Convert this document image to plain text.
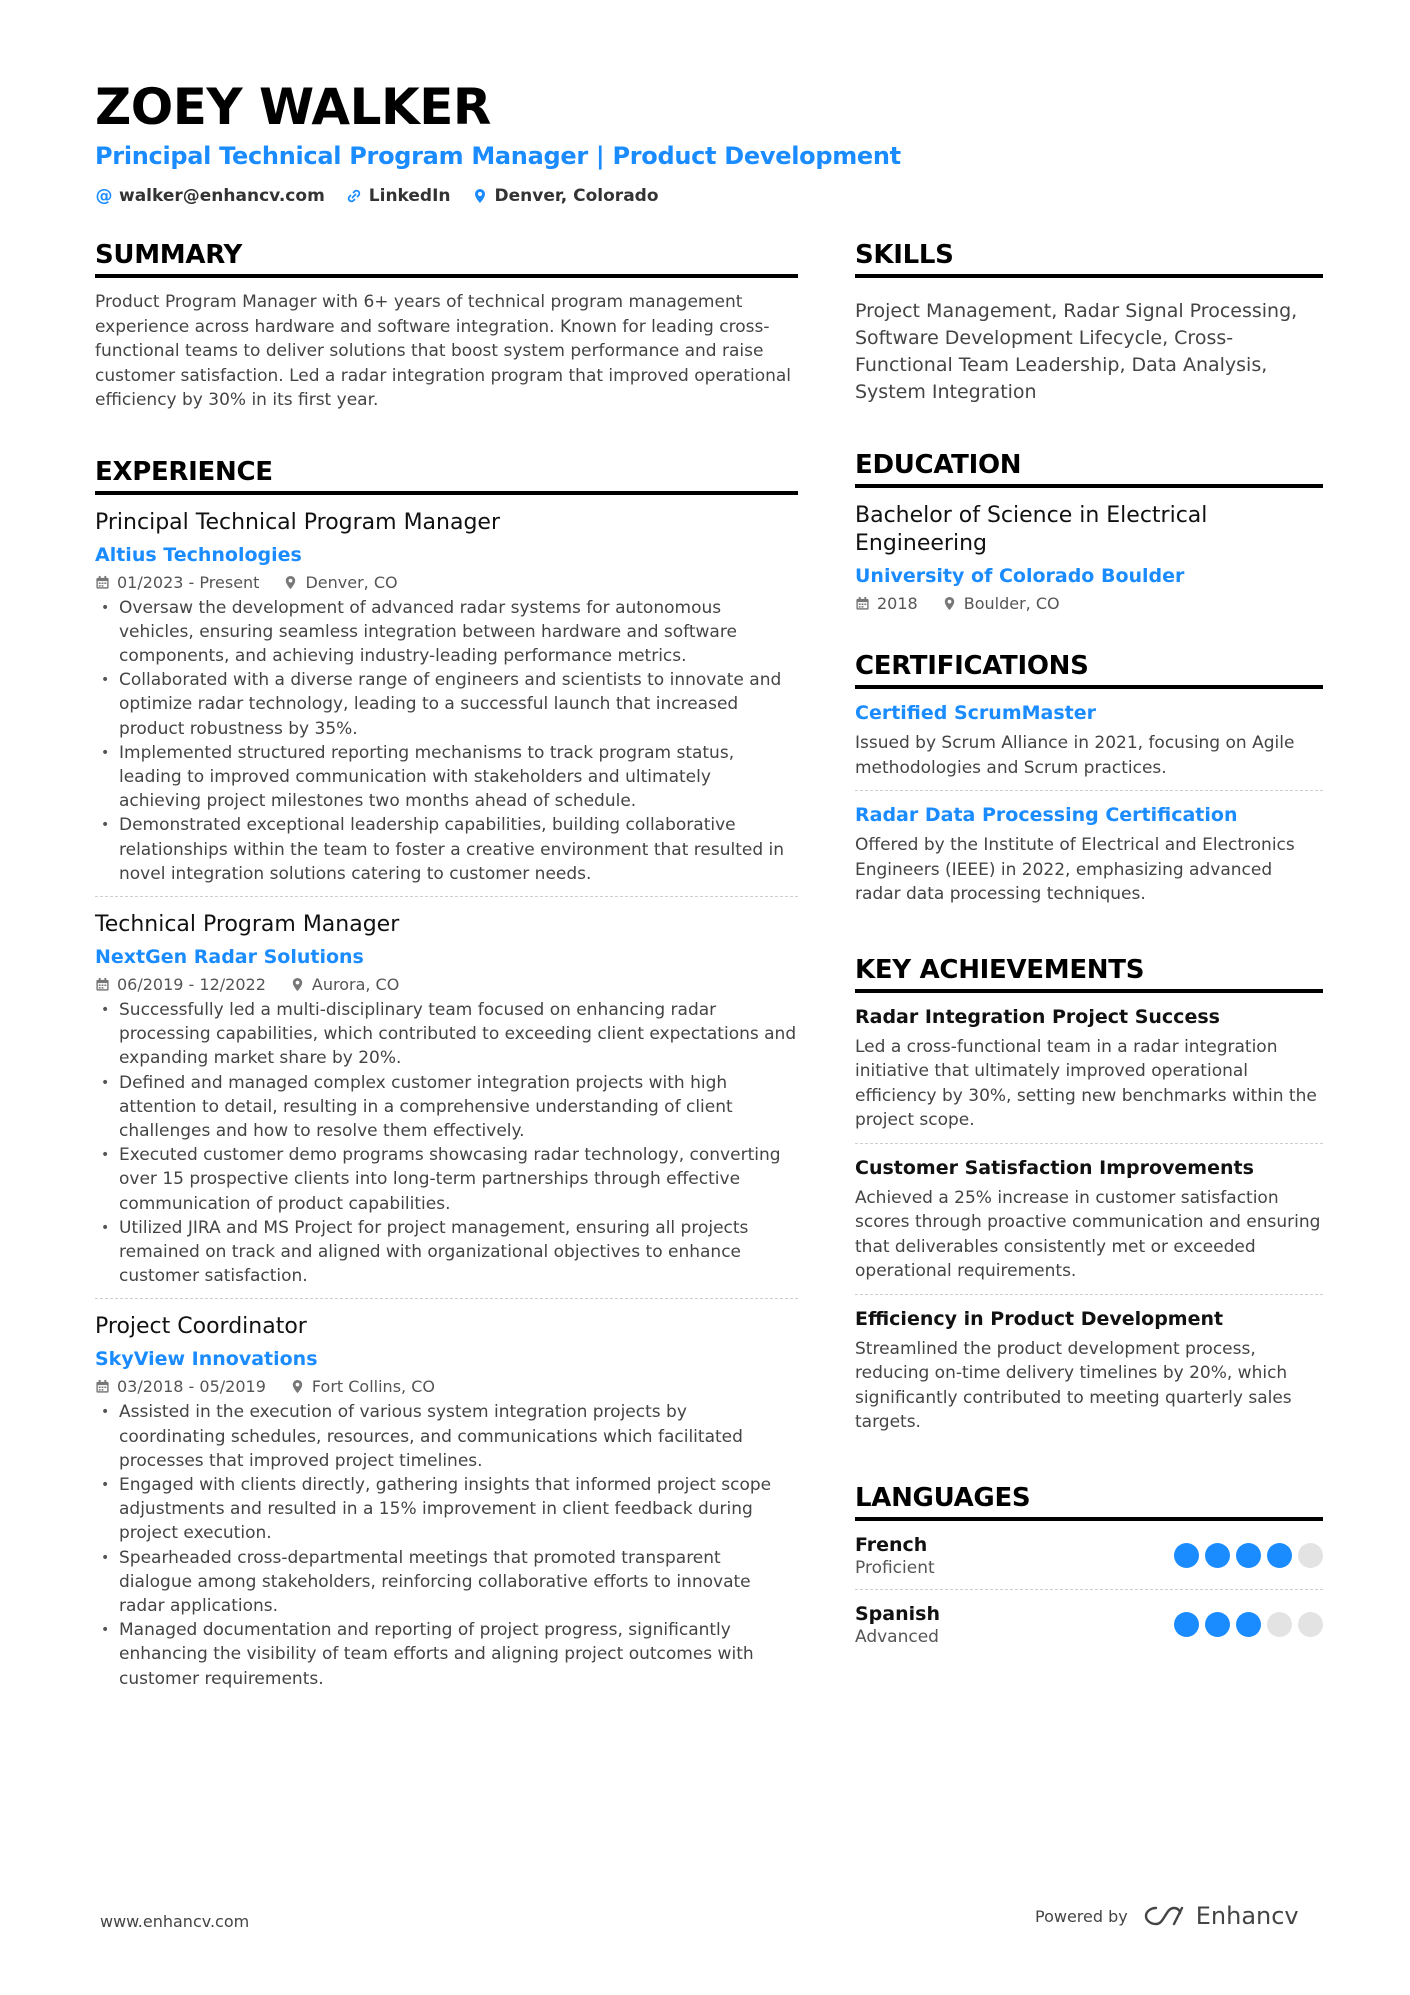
ZOEY WALKER
Principal Technical Program Manager | Product Development
@ walker@enhancv.com	LinkedIn	Denver, Colorado
SUMMARY
Product Program Manager with 6+ years of technical program management experience across hardware and software integration. Known for leading cross-functional teams to deliver solutions that boost system performance and raise customer satisfaction. Led a radar integration program that improved operational efficiency by 30% in its first year.
EXPERIENCE
Principal Technical Program Manager
Altius Technologies
01/2023 - Present	Denver, CO
• Oversaw the development of advanced radar systems for autonomous vehicles, ensuring seamless integration between hardware and software components, and achieving industry-leading performance metrics.
• Collaborated with a diverse range of engineers and scientists to innovate and optimize radar technology, leading to a successful launch that increased product robustness by 35%.
• Implemented structured reporting mechanisms to track program status, leading to improved communication with stakeholders and ultimately achieving project milestones two months ahead of schedule.
• Demonstrated exceptional leadership capabilities, building collaborative relationships within the team to foster a creative environment that resulted in novel integration solutions catering to customer needs.
Technical Program Manager
NextGen Radar Solutions
06/2019 - 12/2022	Aurora, CO
• Successfully led a multi-disciplinary team focused on enhancing radar processing capabilities, which contributed to exceeding client expectations and expanding market share by 20%.
• Defined and managed complex customer integration projects with high attention to detail, resulting in a comprehensive understanding of client challenges and how to resolve them effectively.
• Executed customer demo programs showcasing radar technology, converting over 15 prospective clients into long-term partnerships through effective communication of product capabilities.
• Utilized JIRA and MS Project for project management, ensuring all projects remained on track and aligned with organizational objectives to enhance customer satisfaction.
Project Coordinator
SkyView Innovations
03/2018 - 05/2019	Fort Collins, CO
• Assisted in the execution of various system integration projects by coordinating schedules, resources, and communications which facilitated processes that improved project timelines.
• Engaged with clients directly, gathering insights that informed project scope adjustments and resulted in a 15% improvement in client feedback during project execution.
• Spearheaded cross-departmental meetings that promoted transparent dialogue among stakeholders, reinforcing collaborative efforts to innovate radar applications.
• Managed documentation and reporting of project progress, significantly enhancing the visibility of team efforts and aligning project outcomes with customer requirements.
SKILLS
Project Management, Radar Signal Processing, Software Development Lifecycle, Cross-Functional Team Leadership, Data Analysis, System Integration
EDUCATION
Bachelor of Science in Electrical Engineering
University of Colorado Boulder
2018	Boulder, CO
CERTIFICATIONS
Certified ScrumMaster
Issued by Scrum Alliance in 2021, focusing on Agile methodologies and Scrum practices.
Radar Data Processing Certification
Offered by the Institute of Electrical and Electronics Engineers (IEEE) in 2022, emphasizing advanced radar data processing techniques.
KEY ACHIEVEMENTS
Radar Integration Project Success
Led a cross-functional team in a radar integration initiative that ultimately improved operational efficiency by 30%, setting new benchmarks within the project scope.
Customer Satisfaction Improvements
Achieved a 25% increase in customer satisfaction scores through proactive communication and ensuring that deliverables consistently met or exceeded operational requirements.
Efficiency in Product Development
Streamlined the product development process, reducing on-time delivery timelines by 20%, which significantly contributed to meeting quarterly sales targets.
LANGUAGES
French
Proficient
Spanish
Advanced
www.enhancv.com	Powered by	Enhancv
